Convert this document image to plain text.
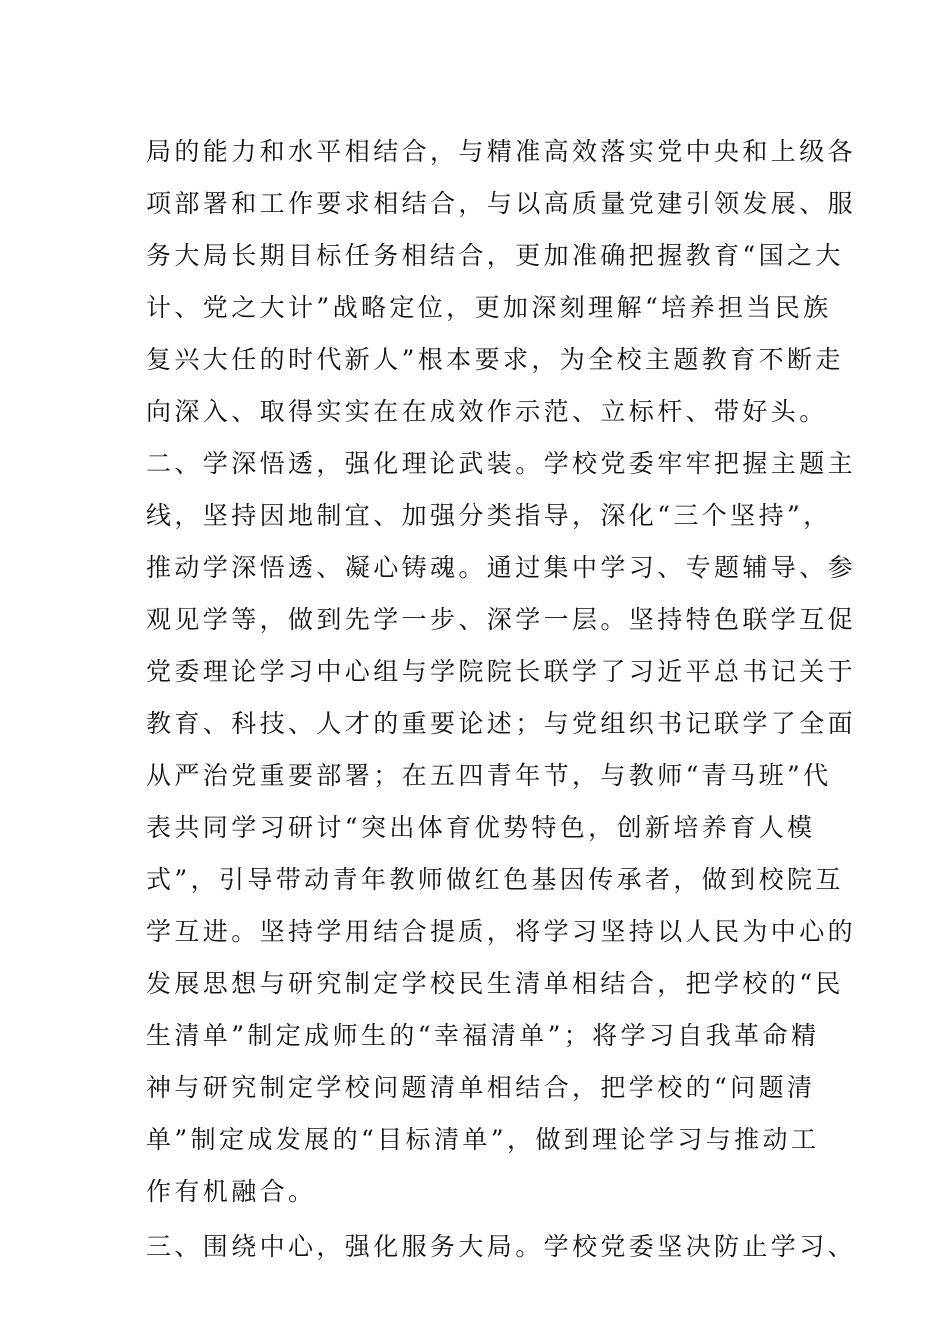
局的能力和水平相结合，与精准高效落实党中央和上级各
项部署和工作要求相结合，与以高质量党建引领发展、服
务大局长期目标任务相结合，更加准确把握教育“国之大
计、党之大计”战略定位，更加深刻理解“培养担当民族
复兴大任的时代新人”根本要求，为全校主题教育不断走
向深入、取得实实在在成效作示范、立标杆、带好头。
二、学深悟透，强化理论武装。学校党委牢牢把握主题主
线，坚持因地制宜、加强分类指导，深化“三个坚持”，
推动学深悟透、凝心铸魂。通过集中学习、专题辅导、参
观见学等，做到先学一步、深学一层。坚持特色联学互促
党委理论学习中心组与学院院长联学了习近平总书记关于
教育、科技、人才的重要论述；与党组织书记联学了全面
从严治党重要部署；在五四青年节，与教师“青马班”代
表共同学习研讨“突出体育优势特色，创新培养育人模
式”，引导带动青年教师做红色基因传承者，做到校院互
学互进。坚持学用结合提质，将学习坚持以人民为中心的
发展思想与研究制定学校民生清单相结合，把学校的“民
生清单”制定成师生的“幸福清单”；将学习自我革命精
神与研究制定学校问题清单相结合，把学校的“问题清
单”制定成发展的“目标清单”，做到理论学习与推动工
作有机融合。
三、围绕中心，强化服务大局。学校党委坚决防止学习、
